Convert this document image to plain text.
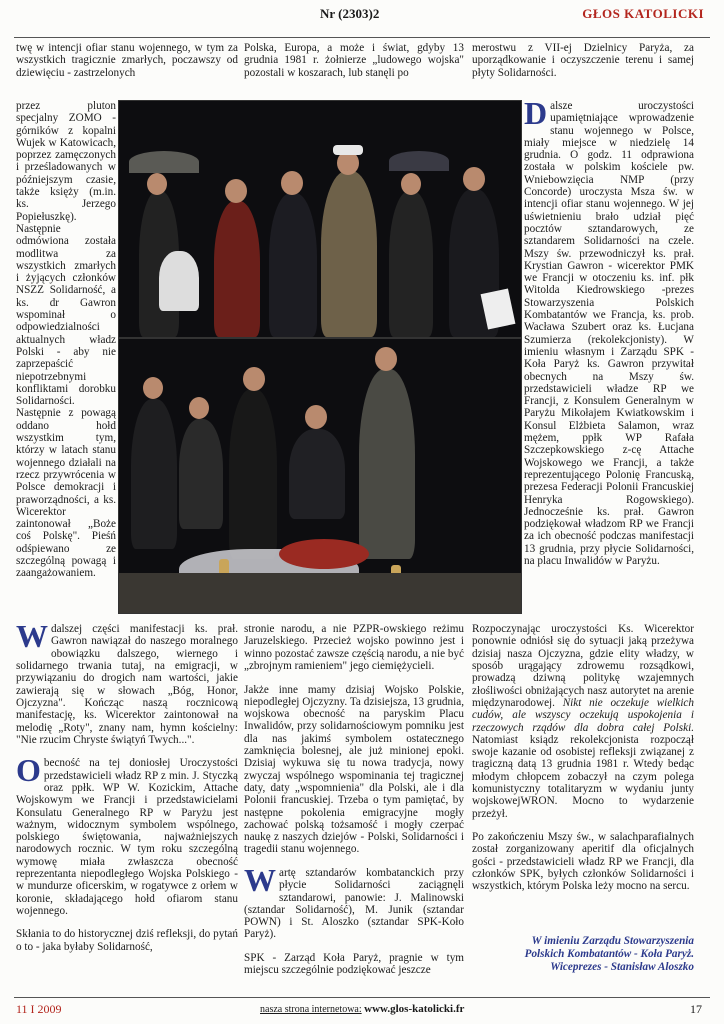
Nr (2303)2	GŁOS KATOLICKI

twę w intencji ofiar stanu wojennego, w tym za wszystkich tragicznie zmarłych, poczawszy od dziewięciu - zastrzelonych

Polska, Europa, a może i świat, gdyby 13 grudnia 1981 r. żołnierze „ludowego wojska" pozostali w koszarach, lub stanęli po

merostwu z VII-ej Dzielnicy Paryża, za uporządkowanie i oczyszczenie terenu i samej płyty Solidarności.

przez pluton specjalny ZOMO - górników z kopalni Wujek w Katowicach, poprzez zamęczonych i prześladowanych w późniejszym czasie, także księży (m.in. ks. Jerzego Popiełuszkę). Następnie odmówiona została modlitwa za wszystkich zmarłych i żyjących członków NSZZ Solidarność, a ks. dr Gawron wspominał o odpowiedzialności aktualnych władz Polski - aby nie zaprzepaścić niepotrzebnymi konfliktami dorobku Solidarności. Następnie z powagą oddano hołd wszystkim tym, którzy w latach stanu wojennego działali na rzecz przywrócenia w Polsce demokracji i praworządności, a ks. Wicerektor zaintonował „Boże coś Polskę". Pieśń odśpiewano ze szczególną powagą i zaangażowaniem.
Dalsze uroczystości upamiętniające wprowadzenie stanu wojennego w Polsce, miały miejsce w niedzielę 14 grudnia. O godz. 11 odprawiona została w polskim kościele pw. Wniebowzięcia NMP (przy Concorde) uroczysta Msza św. w intencji ofiar stanu wojennego. W jej uświetnieniu brało udział pięć pocztów sztandarowych, ze sztandarem Solidarności na czele. Mszy św. przewodniczył ks. prał. Krystian Gawron - wicerektor PMK we Francji w otoczeniu ks. inf. płk Witolda Kiedrowskiego -prezes Stowarzyszenia Polskich Kombatantów we Francja, ks. prob. Wacława Szubert oraz ks. Łucjana Szumierza (rekolekcjonisty). W imieniu własnym i Zarządu SPK - Koła Paryż ks. Gawron przywitał obecnych na Mszy św. przedstawicieli władze RP we Francji, z Konsulem Generalnym w Paryżu Mikołajem Kwiatkowskim i Konsul Elżbieta Salamon, wraz mężem, ppłk WP Rafała Szczepkowskiego z-cę Attache Wojskowego we Francji, a także reprezentującego Polonię Francuską, prezesa Federacji Polonii Francuskiej Henryka Rogowskiego). Jednocześnie ks. prał. Gawron podziękował władzom RP we Francji za ich obecność podczas manifestacji 13 grudnia, przy płycie Solidarności, na placu Inwalidów w Paryżu.

Wdalszej części manifestacji ks. prał. Gawron nawiązał do naszego moralnego obowiązku dalszego, wiernego i solidarnego trwania tutaj, na emigracji, w przywiązaniu do drogich nam wartości, jakie zawierają się w słowach „Bóg, Honor, Ojczyzna". Kończąc naszą rocznicową manifestację, ks. Wicerektor zaintonował na melodię „Roty", znany nam, hymn kościelny: "Nie rzucim Chryste świątyń Twych...".

Obecność na tej doniosłej Uroczystości przedstawicieli władz RP z min. J. Styczką oraz ppłk. WP W. Kozickim, Attache Wojskowym we Francji i przedstawicielami Konsulatu Generalnego RP w Paryżu jest ważnym, widocznym symbolem wspólnego, polskiego świętowania, najważniejszych narodowych rocznic. W tym roku szczególną wymowę miała zwłaszcza obecność reprezentanta niepodległego Wojska Polskiego - w mundurze oficerskim, w rogatywce z orłem w koronie, składającego hołd ofiarom stanu wojennego.

Skłania to do historycznej dziś refleksji, do pytań o to - jaka byłaby Solidarność,

stronie narodu, a nie PZPR-owskiego reżimu Jaruzelskiego. Przecież wojsko powinno jest i winno pozostać zawsze częścią narodu, a nie być „zbrojnym ramieniem" jego ciemiężycieli.

Jakże inne mamy dzisiaj Wojsko Polskie, niepodległej Ojczyzny. Ta dzisiejsza, 13 grudnia, wojskowa obecność na paryskim Placu Inwalidów, przy solidarnościowym pomniku jest dla nas jakimś symbolem ostatecznego zamknięcia bolesnej, ale już minionej epoki. Dzisiaj wykuwa się tu nowa tradycja, nowy zwyczaj wspólnego wspominania tej tragicznej daty, daty „wspomnienia" dla Polski, ale i dla Polonii francuskiej. Trzeba o tym pamiętać, by następne pokolenia emigracyjne mogły zachować polską tożsamość i mogły czerpać naukę z naszych dziejów - Polski, Solidarności i tragedii stanu wojennego.

Wartę sztandarów kombatanckich przy płycie Solidarności zaciągnęli sztandarowi, panowie: J. Malinowski (sztandar Solidarność), M. Junik (sztandar POWN) i St. Aloszko (sztandar SPK-Koło Paryż).

SPK - Zarząd Koła Paryż, pragnie w tym miejscu szczególnie podziękować jeszcze

Rozpoczynając uroczystości Ks. Wicerektor ponownie odniósł się do sytuacji jaką przeżywa dzisiaj nasza Ojczyzna, gdzie elity władzy, w sposób urągający zdrowemu rozsądkowi, prowadzą dziwną politykę wzajemnych złośliwości obniżających nasz autorytet na arenie międzynarodowej. Nikt nie oczekuje wielkich cudów, ale wszyscy oczekują uspokojenia i rzeczowych rządów dla dobra całej Polski. Natomiast ksiądz rekolekcjonista rozpoczął swoje kazanie od osobistej refleksji związanej z tragiczną datą 13 grudnia 1981 r. Wtedy bedąc młodym chłopcem zobaczył na czym polega komunistyczny totalitaryzm w wydaniu junty wojskowejWRON. Mocno to wydarzenie przeżył.

Po zakończeniu Mszy św., w salachparafialnych został zorganizowany aperitif dla oficjalnych gości - przedstawicieli władz RP we Francji, dla członków SPK, byłych członków Solidarności i wszystkich, którym Polska leży mocno na sercu.

W imieniu Zarządu Stowarzyszenia
Polskich Kombatantów - Koła Paryż.
Wiceprezes - Stanisław Aloszko
11 I 2009	nasza strona internetowa: www.glos-katolicki.fr	17
